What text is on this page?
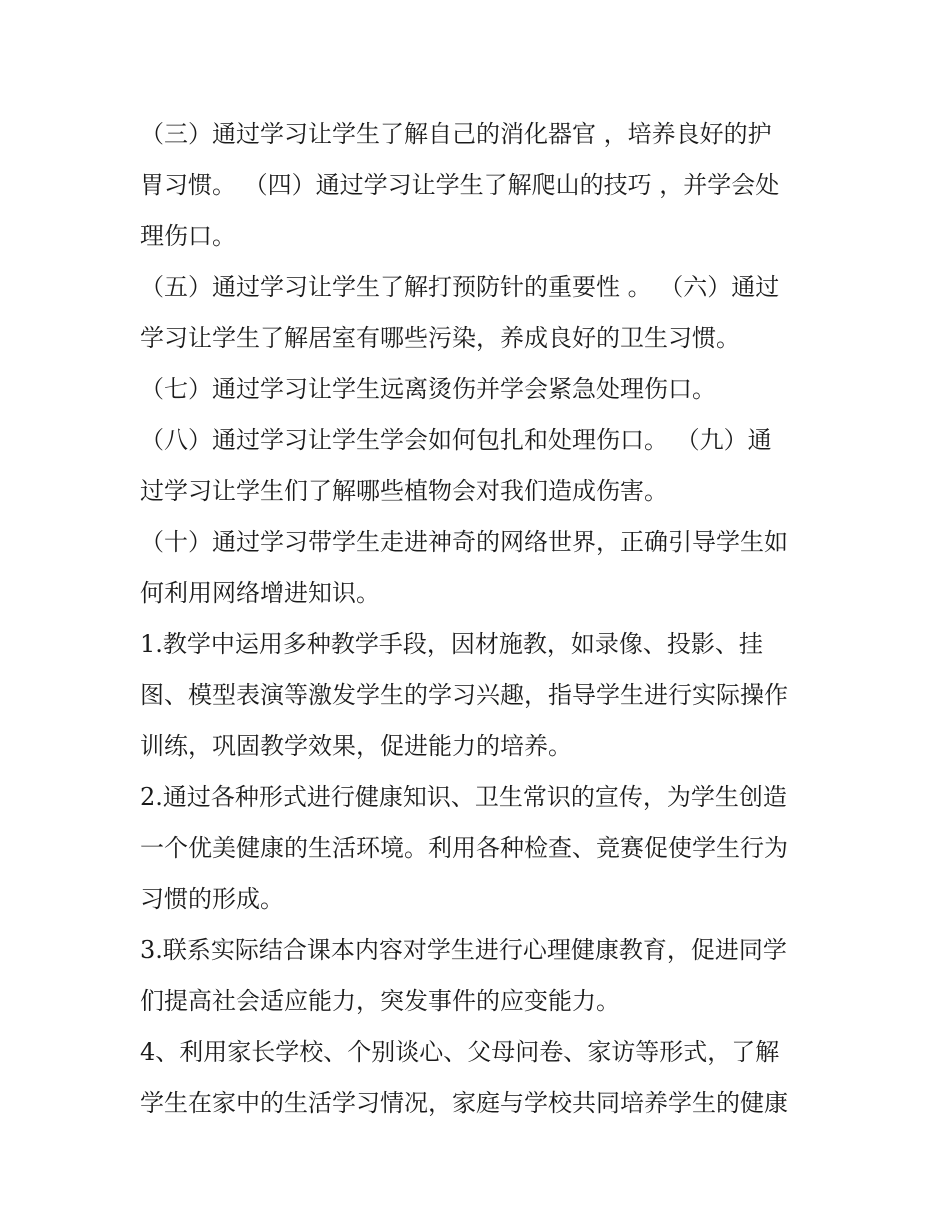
（三）通过学习让学生了解自己的消化器官 ，培养良好的护
胃习惯。 （四）通过学习让学生了解爬山的技巧 ，并学会处
理伤口。

（五）通过学习让学生了解打预防针的重要性 。 （六）通过
学习让学生了解居室有哪些污染，养成良好的卫生习惯。

（七）通过学习让学生远离烫伤并学会紧急处理伤口。

（八）通过学习让学生学会如何包扎和处理伤口。 （九）通
过学习让学生们了解哪些植物会对我们造成伤害。

（十）通过学习带学生走进神奇的网络世界，正确引导学生如
何利用网络增进知识。

1.教学中运用多种教学手段，因材施教，如录像、投影、挂
图、模型表演等激发学生的学习兴趣，指导学生进行实际操作
训练，巩固教学效果，促进能力的培养。

2.通过各种形式进行健康知识、卫生常识的宣传，为学生创造
一个优美健康的生活环境。利用各种检查、竞赛促使学生行为
习惯的形成。

3.联系实际结合课本内容对学生进行心理健康教育，促进同学
们提高社会适应能力，突发事件的应变能力。

4、利用家长学校、个别谈心、父母问卷、家访等形式，了解
学生在家中的生活学习情况，家庭与学校共同培养学生的健康
